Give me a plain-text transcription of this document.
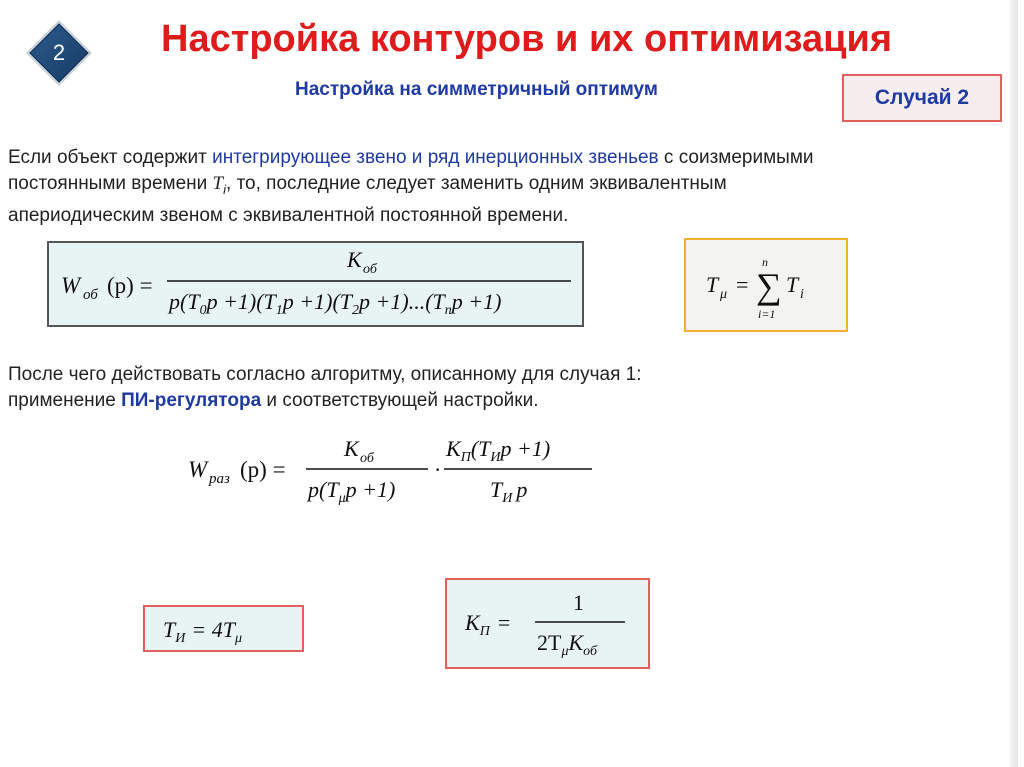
2	Настройка контуров и их оптимизация
Настройка на симметричный оптимум	Случай 2
Если объект содержит интегрирующее звено и ряд инерционных звеньев с соизмеримыми
постоянными времени $T_i$, то, последние следует заменить одним эквивалентным
апериодическим звеном с эквивалентной постоянной времени.
W об (p) =
K об
$p(T_0p +1)(T_1p +1)(T_2p +1)...(T_np +1)$
T μ =
n
∑
i=1
T i
После чего действовать согласно алгоритму, описанному для случая 1:
применение ПИ-регулятора и соответствующей настройки.
W раз (p) =
K об
$p(T_\mu p +1)$
·
$K_П(T_Иp +1)$
$T_И$ p
$T_И = 4T_\mu$
$K_П$ =
1
$2T_\mu K_{об}$
